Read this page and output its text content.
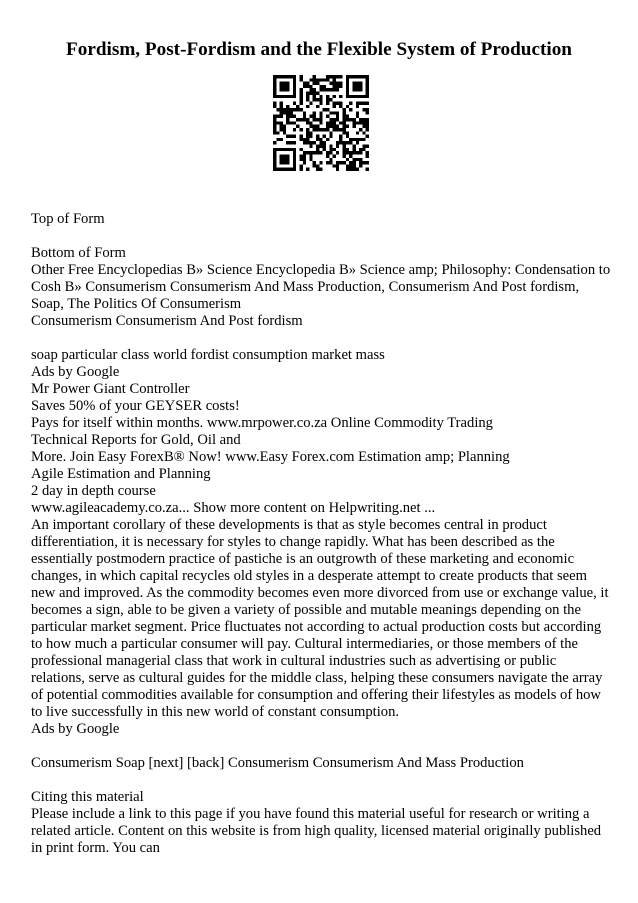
Fordism, Post-Fordism and the Flexible System of Production

Top of Form

Bottom of Form

Other Free Encyclopedias B» Science Encyclopedia B» Science amp; Philosophy: Condensation to Cosh B» Consumerism Consumerism And Mass Production, Consumerism And Post fordism, Soap, The Politics Of Consumerism

Consumerism Consumerism And Post fordism

soap particular class world fordist consumption market mass

Ads by Google

Mr Power Giant Controller

Saves 50% of your GEYSER costs!

Pays for itself within months. www.mrpower.co.za Online Commodity Trading

Technical Reports for Gold, Oil and

More. Join Easy ForexB® Now! www.Easy Forex.com Estimation amp; Planning

Agile Estimation and Planning

2 day in depth course

www.agileacademy.co.za... Show more content on Helpwriting.net ...

An important corollary of these developments is that as style becomes central in product differentiation, it is necessary for styles to change rapidly. What has been described as the essentially postmodern practice of pastiche is an outgrowth of these marketing and economic changes, in which capital recycles old styles in a desperate attempt to create products that seem new and improved. As the commodity becomes even more divorced from use or exchange value, it becomes a sign, able to be given a variety of possible and mutable meanings depending on the particular market segment. Price fluctuates not according to actual production costs but according to how much a particular consumer will pay. Cultural intermediaries, or those members of the professional managerial class that work in cultural industries such as advertising or public relations, serve as cultural guides for the middle class, helping these consumers navigate the array of potential commodities available for consumption and offering their lifestyles as models of how to live successfully in this new world of constant consumption.

Ads by Google

Consumerism Soap [next] [back] Consumerism Consumerism And Mass Production

Citing this material

Please include a link to this page if you have found this material useful for research or writing a related article. Content on this website is from high quality, licensed material originally published in print form. You can
